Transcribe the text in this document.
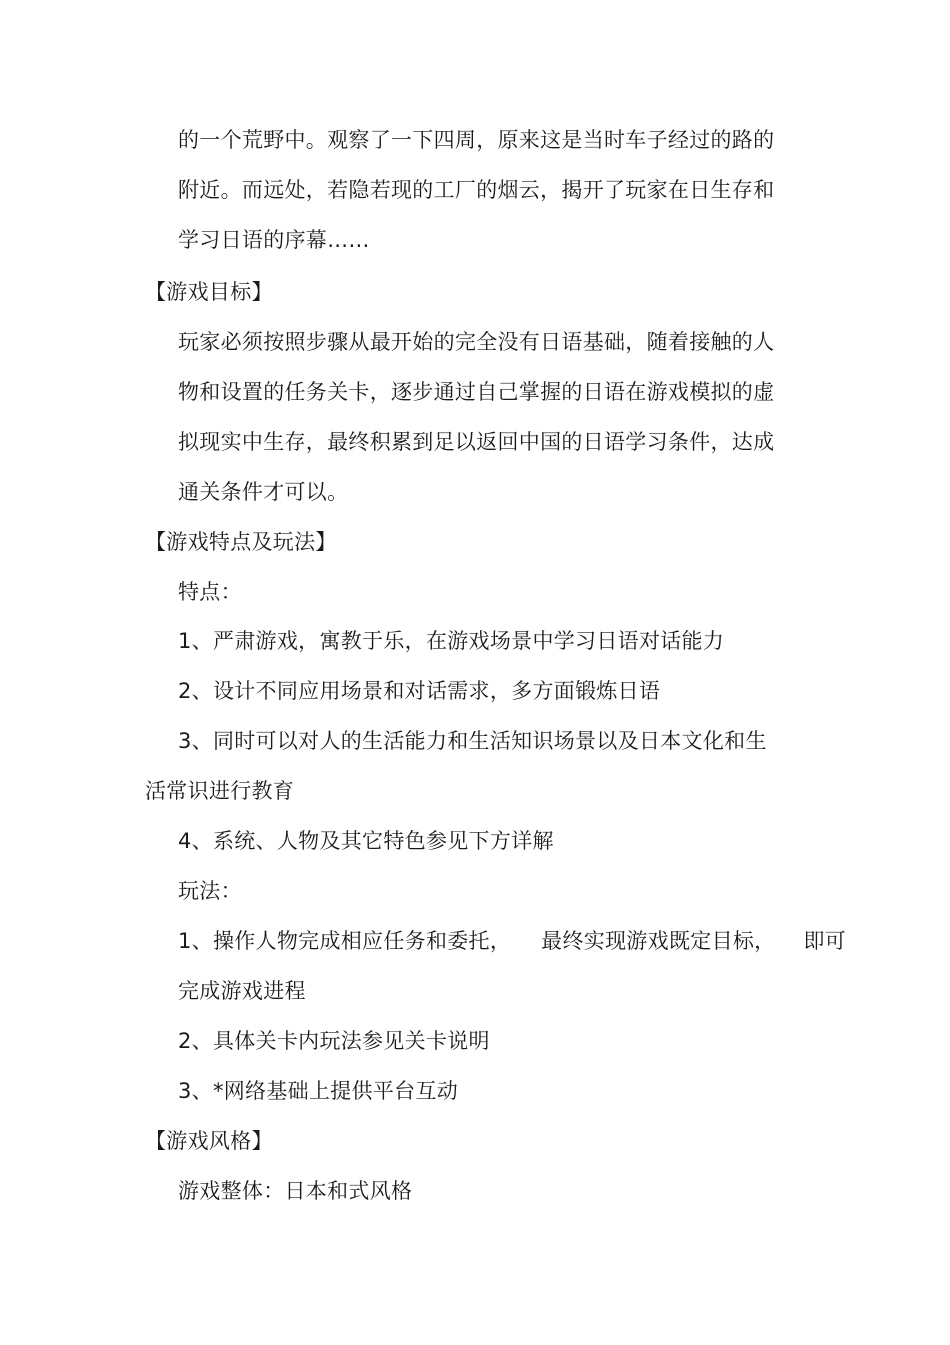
的一个荒野中。观察了一下四周，原来这是当时车子经过的路的
附近。而远处，若隐若现的工厂的烟云，揭开了玩家在日生存和
学习日语的序幕……
【游戏目标】
玩家必须按照步骤从最开始的完全没有日语基础，随着接触的人
物和设置的任务关卡，逐步通过自己掌握的日语在游戏模拟的虚
拟现实中生存，最终积累到足以返回中国的日语学习条件，达成
通关条件才可以。
【游戏特点及玩法】
特点：
1、严肃游戏，寓教于乐，在游戏场景中学习日语对话能力
2、设计不同应用场景和对话需求，多方面锻炼日语
3、同时可以对人的生活能力和生活知识场景以及日本文化和生
活常识进行教育
4、系统、人物及其它特色参见下方详解
玩法：
1、操作人物完成相应任务和委托， 最终实现游戏既定目标， 即可
完成游戏进程
2、具体关卡内玩法参见关卡说明
3、*网络基础上提供平台互动
【游戏风格】
游戏整体：日本和式风格
